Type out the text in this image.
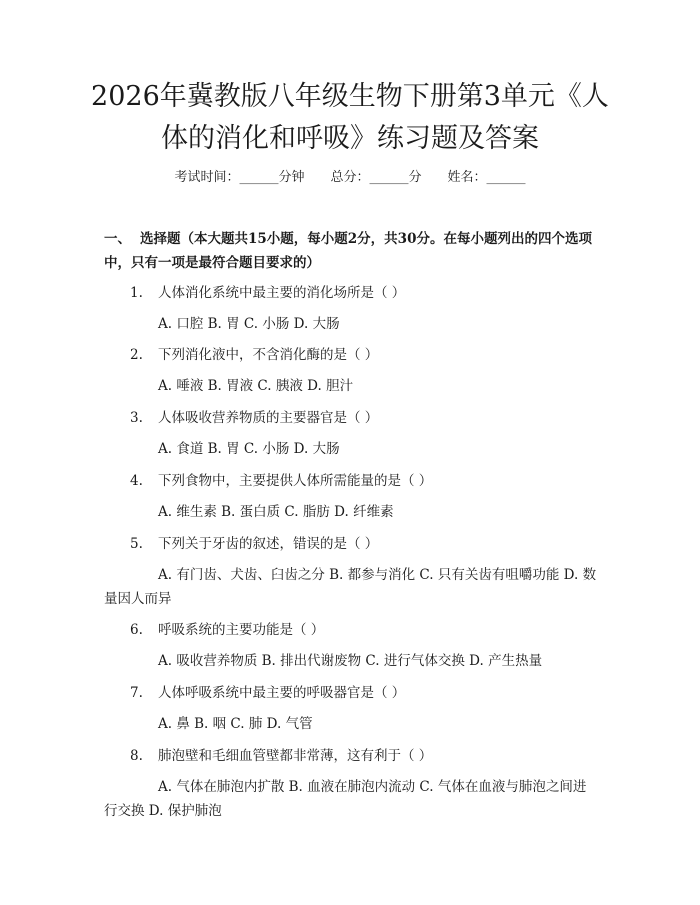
2026年冀教版八年级生物下册第3单元《人体的消化和呼吸》练习题及答案
考试时间：______分钟 总分：______分 姓名：______

一、 选择题（本大题共15小题，每小题2分，共30分。在每小题列出的四个选项中，只有一项是最符合题目要求的）

1. 人体消化系统中最主要的消化场所是（ ）
A. 口腔 B. 胃 C. 小肠 D. 大肠
2. 下列消化液中，不含消化酶的是（ ）
A. 唾液 B. 胃液 C. 胰液 D. 胆汁
3. 人体吸收营养物质的主要器官是（ ）
A. 食道 B. 胃 C. 小肠 D. 大肠
4. 下列食物中，主要提供人体所需能量的是（ ）
A. 维生素 B. 蛋白质 C. 脂肪 D. 纤维素
5. 下列关于牙齿的叙述，错误的是（ ）
A. 有门齿、犬齿、臼齿之分 B. 都参与消化 C. 只有关齿有咀嚼功能 D. 数量因人而异
6. 呼吸系统的主要功能是（ ）
A. 吸收营养物质 B. 排出代谢废物 C. 进行气体交换 D. 产生热量
7. 人体呼吸系统中最主要的呼吸器官是（ ）
A. 鼻 B. 咽 C. 肺 D. 气管
8. 肺泡壁和毛细血管壁都非常薄，这有利于（ ）
A. 气体在肺泡内扩散 B. 血液在肺泡内流动 C. 气体在血液与肺泡之间进行交换 D. 保护肺泡
